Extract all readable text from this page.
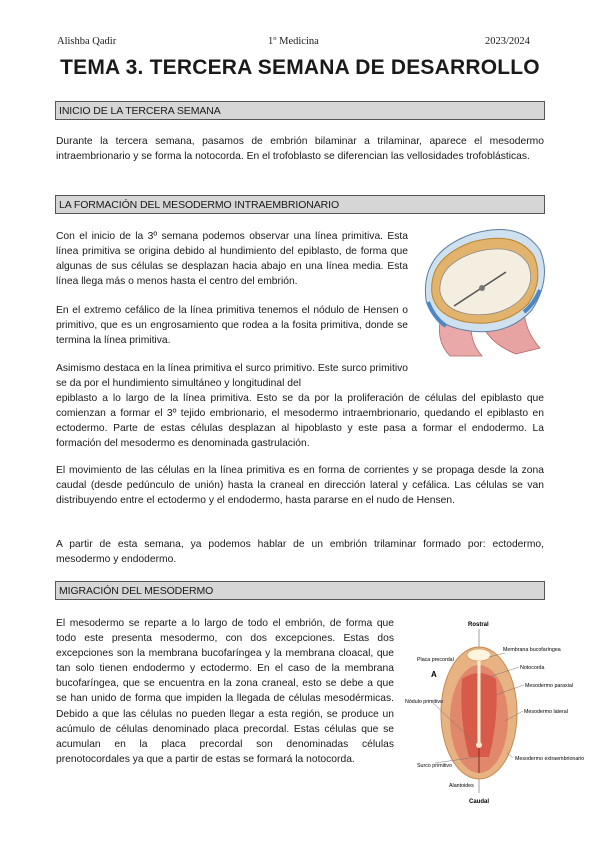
Alishba Qadir	1º Medicina	2023/2024
TEMA 3. TERCERA SEMANA DE DESARROLLO
INICIO DE LA TERCERA SEMANA
Durante la tercera semana, pasamos de embrión bilaminar a trilaminar, aparece el mesodermo intraembrionario y se forma la notocorda. En el trofoblasto se diferencian las vellosidades trofoblásticas.
LA FORMACIÓN DEL MESODERMO INTRAEMBRIONARIO
Con el inicio de la 3º semana podemos observar una línea primitiva. Esta línea primitiva se origina debido al hundimiento del epiblasto, de forma que algunas de sus células se desplazan hacia abajo en una línea media. Esta línea llega más o menos hasta el centro del embrión.
En el extremo cefálico de la línea primitiva tenemos el nódulo de Hensen o primitivo, que es un engrosamiento que rodea a la fosita primitiva, donde se termina la línea primitiva.
Asimismo destaca en la línea primitiva el surco primitivo. Este surco primitivo se da por el hundimiento simultáneo y longitudinal del
epiblasto a lo largo de la línea primitiva. Esto se da por la proliferación de células del epiblasto que comienzan a formar el 3º tejido embrionario, el mesodermo intraembrionario, quedando el epiblasto en ectodermo. Parte de estas células desplazan al hipoblasto y este pasa a formar el endodermo. La formación del mesodermo es denominada gastrulación.
El movimiento de las células en la línea primitiva es en forma de corrientes y se propaga desde la zona caudal (desde pedúnculo de unión) hasta la craneal en dirección lateral y cefálica. Las células se van distribuyendo entre el ectodermo y el endodermo, hasta pararse en el nudo de Hensen.
A partir de esta semana, ya podemos hablar de un embrión trilaminar formado por: ectodermo, mesodermo y endodermo.
MIGRACIÓN DEL MESODERMO
El mesodermo se reparte a lo largo de todo el embrión, de forma que todo este presenta mesodermo, con dos excepciones. Estas dos excepciones son la membrana bucofaríngea y la membrana cloacal, que tan solo tienen endodermo y ectodermo. En el caso de la membrana bucofaríngea, que se encuentra en la zona craneal, esto se debe a que se han unido de forma que impiden la llegada de células mesodérmicas. Debido a que las células no pueden llegar a esta región, se produce un acúmulo de células denominado placa precordal. Estas células que se acumulan en la placa precordal son denominadas células prenotocordales ya que a partir de estas se formará la notocorda.
Rostral
Caudal
A
Placa precordal
Membrana bucofaríngea
Notocorda
Mesodermo paraxial
Mesodermo lateral
Nódulo primitivo
Surco primitivo
Mesodermo extraembrionario
Alantoides
